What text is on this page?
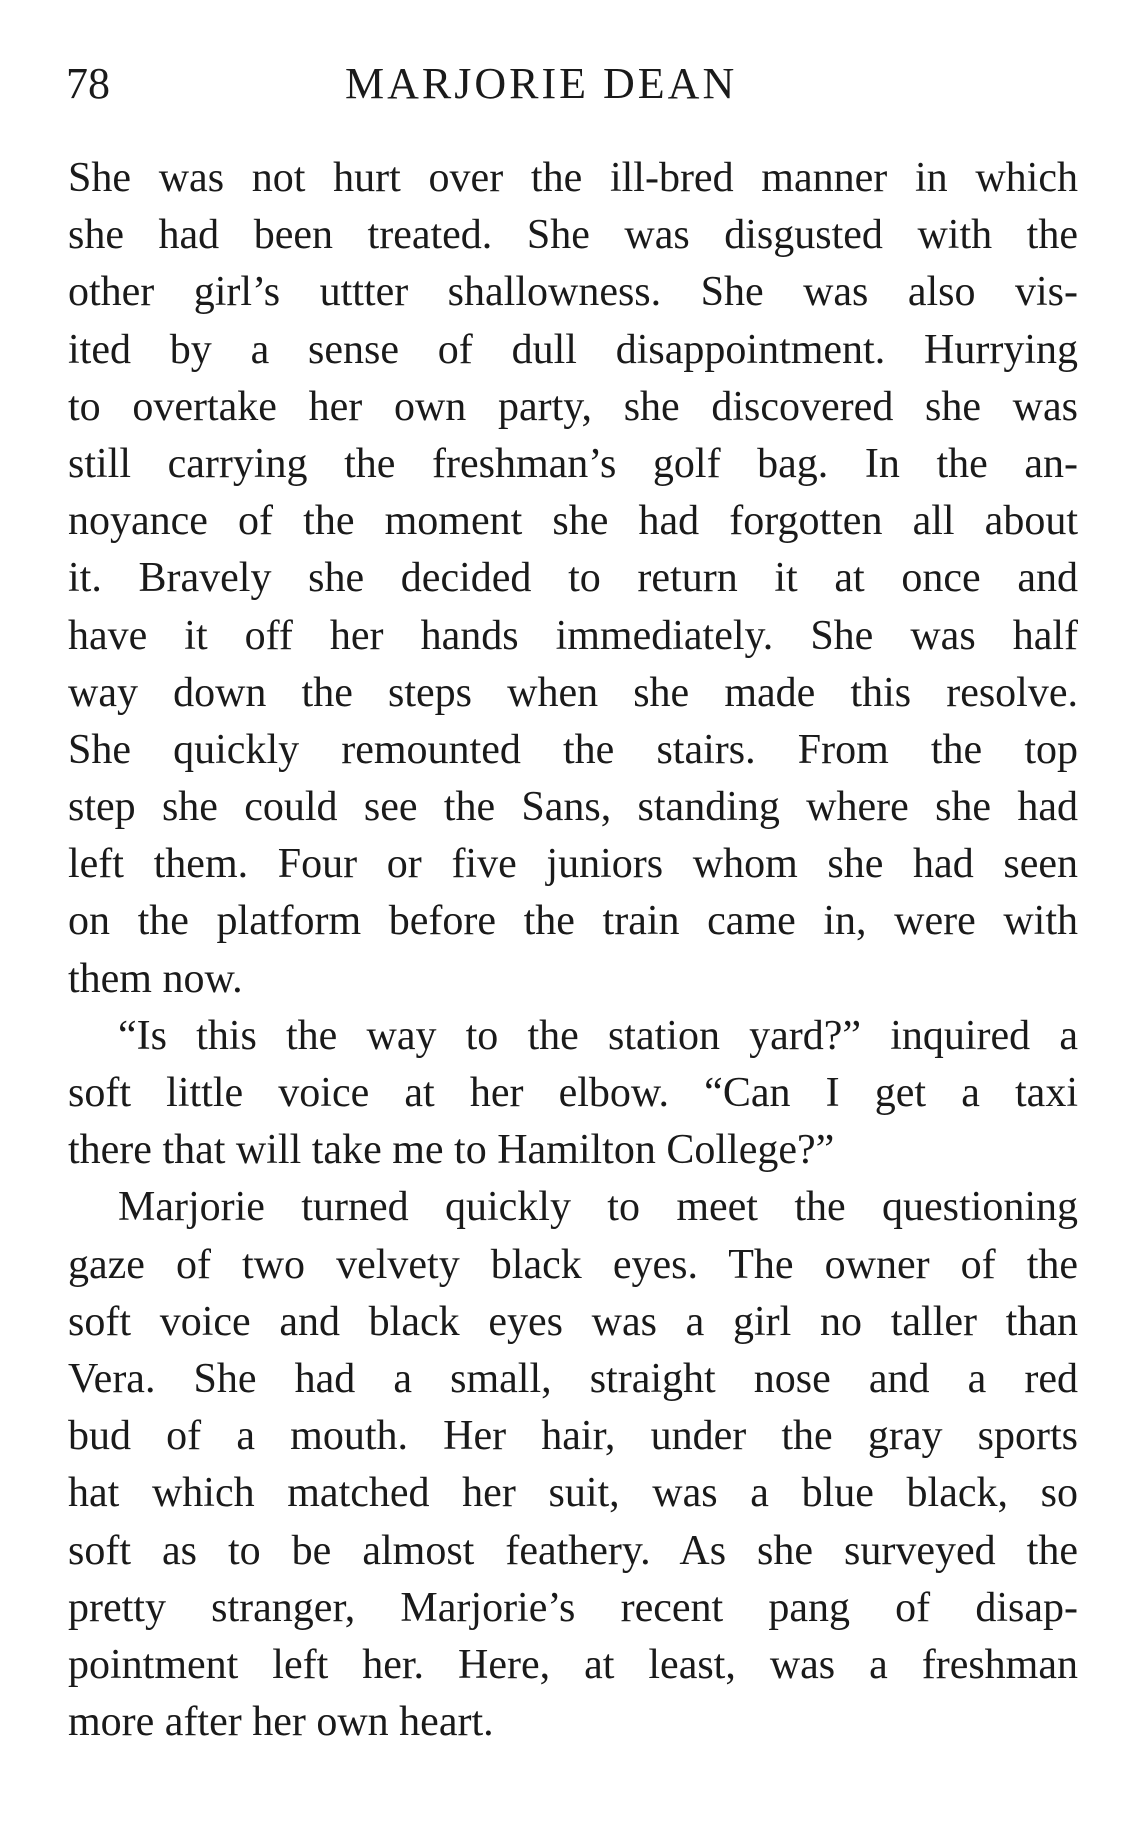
78	MARJORIE DEAN
She was not hurt over the ill-bred manner in which
she had been treated. She was disgusted with the
other girl’s uttter shallowness. She was also vis-
ited by a sense of dull disappointment. Hurrying
to overtake her own party, she discovered she was
still carrying the freshman’s golf bag. In the an-
noyance of the moment she had forgotten all about
it. Bravely she decided to return it at once and
have it off her hands immediately. She was half
way down the steps when she made this resolve.
She quickly remounted the stairs. From the top
step she could see the Sans, standing where she had
left them. Four or five juniors whom she had seen
on the platform before the train came in, were with
them now.
“Is this the way to the station yard?” inquired a
soft little voice at her elbow. “Can I get a taxi
there that will take me to Hamilton College?”
Marjorie turned quickly to meet the questioning
gaze of two velvety black eyes. The owner of the
soft voice and black eyes was a girl no taller than
Vera. She had a small, straight nose and a red
bud of a mouth. Her hair, under the gray sports
hat which matched her suit, was a blue black, so
soft as to be almost feathery. As she surveyed the
pretty stranger, Marjorie’s recent pang of disap-
pointment left her. Here, at least, was a freshman
more after her own heart.
